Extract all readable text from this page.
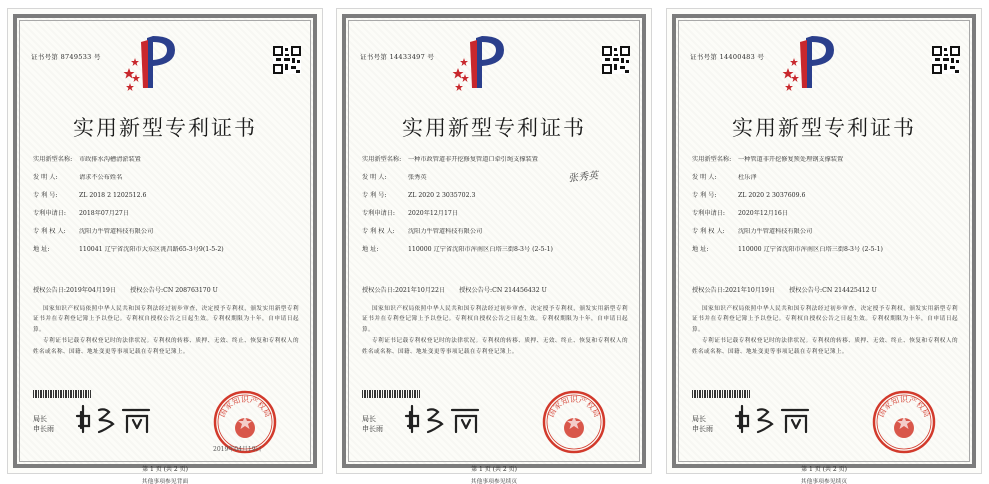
证书号第 8749533 号
实用新型专利证书
实用新型名称:	市政排水沟槽清淤装置
发 明 人:	请求不公布姓名
专 利 号:	ZL 2018 2 1202512.6
专利申请日:	2018年07月27日
专 利 权 人:	沈阳力牛管道科技有限公司
地 址:	110041 辽宁省沈阳市大东区洮昌路65-3号9(1-5-2)
授权公告日:2019年04月19日 授权公告号:CN 208763170 U

国家知识产权局依照中华人民共和国专利法经过初步审查，决定授予专利权，颁发实用新型专利证书并在专利登记簿上予以登记。专利权自授权公告之日起生效。专利权期限为十年，自申请日起算。

专利证书记载专利权登记时的法律状况。专利权的转移、质押、无效、终止、恢复和专利权人的姓名或名称、国籍、地址变更等事项记载在专利登记簿上。

局长
申长雨
国家知识产权局
2019年04月19日
第 1 页 (共 2 页)
其他事项参见背面
证书号第 14433497 号
实用新型专利证书
实用新型名称:	一种市政管道非开挖修复管道口牵引绳支撑装置
发 明 人:	张秀英
专 利 号:	ZL 2020 2 3035702.3
专利申请日:	2020年12月17日
专 利 权 人:	沈阳力牛管道科技有限公司
地 址:	110000 辽宁省沈阳市浑南区白塔三街8-3号 (2-5-1)
张秀英
授权公告日:2021年10月22日 授权公告号:CN 214456432 U

国家知识产权局依照中华人民共和国专利法经过初步审查，决定授予专利权，颁发实用新型专利证书并在专利登记簿上予以登记。专利权自授权公告之日起生效。专利权期限为十年，自申请日起算。

专利证书记载专利权登记时的法律状况。专利权的转移、质押、无效、终止、恢复和专利权人的姓名或名称、国籍、地址变更等事项记载在专利登记簿上。

局长
申长雨
国家知识产权局
第 1 页 (共 2 页)
其他事项参见续页
证书号第 14400483 号
实用新型专利证书
实用新型名称:	一种管道非开挖修复预处理钢支撑装置
发 明 人:	杜乐泽
专 利 号:	ZL 2020 2 3037609.6
专利申请日:	2020年12月16日
专 利 权 人:	沈阳力牛管道科技有限公司
地 址:	110000 辽宁省沈阳市浑南区白塔三街8-3号 (2-5-1)
授权公告日:2021年10月19日 授权公告号:CN 214425412 U

国家知识产权局依照中华人民共和国专利法经过初步审查，决定授予专利权，颁发实用新型专利证书并在专利登记簿上予以登记。专利权自授权公告之日起生效。专利权期限为十年，自申请日起算。

专利证书记载专利权登记时的法律状况。专利权的转移、质押、无效、终止、恢复和专利权人的姓名或名称、国籍、地址变更等事项记载在专利登记簿上。

局长
申长雨
国家知识产权局
第 1 页 (共 2 页)
其他事项参见续页
